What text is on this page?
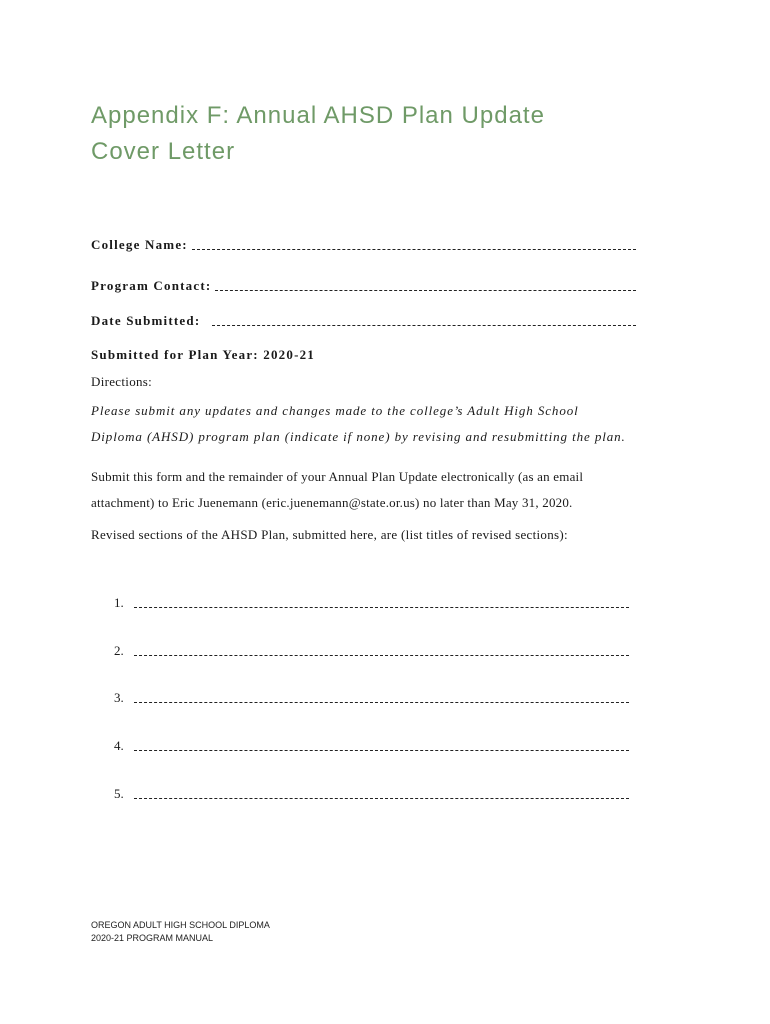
Appendix F: Annual AHSD Plan Update
Cover Letter
College Name:
Program Contact:
Date Submitted:
Submitted for Plan Year: 2020-21
Directions:

Please submit any updates and changes made to the college’s Adult High School Diploma (AHSD) program plan (indicate if none) by revising and resubmitting the plan.

Submit this form and the remainder of your Annual Plan Update electronically (as an email attachment) to Eric Juenemann (eric.juenemann@state.or.us) no later than May 31, 2020.

Revised sections of the AHSD Plan, submitted here, are (list titles of revised sections):

1.
2.
3.
4.
5.
OREGON ADULT HIGH SCHOOL DIPLOMA
2020-21 PROGRAM MANUAL
